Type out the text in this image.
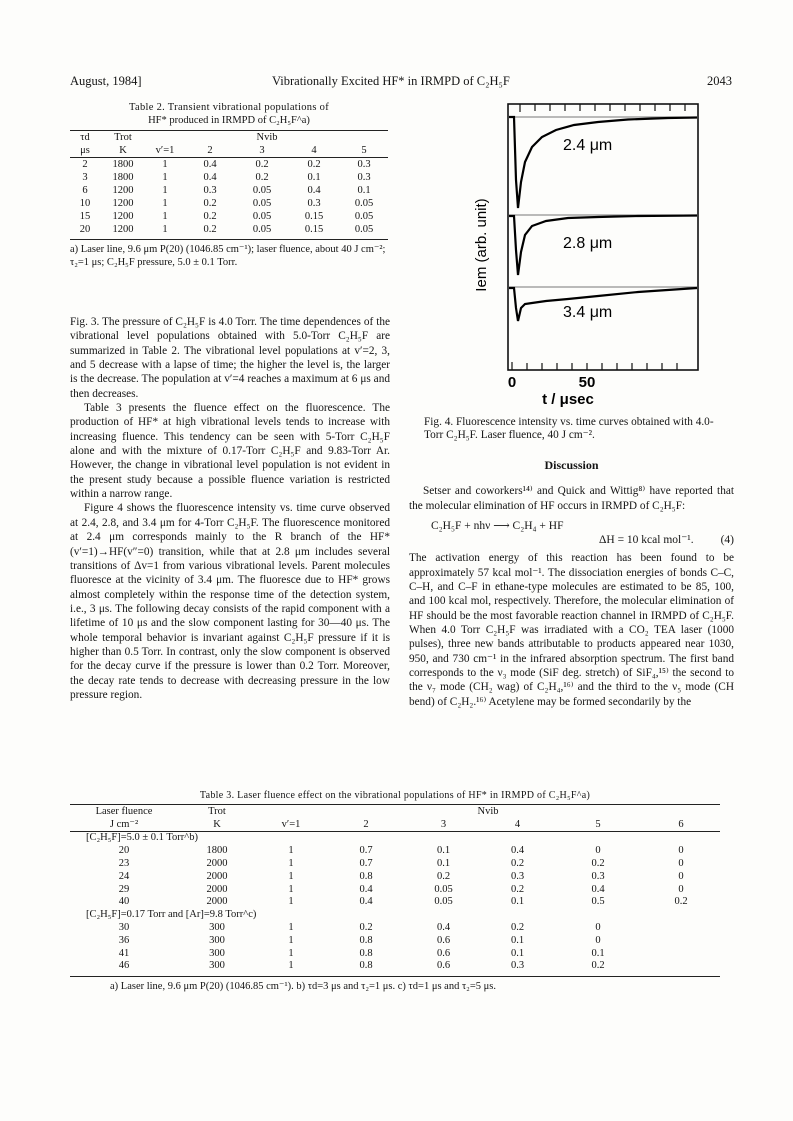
August, 1984]	Vibrationally Excited HF* in IRMPD of C₂H₅F	2043
Table 2. Transient vibrational populations of
HF* produced in IRMPD of C₂H₅F^a)
τd	Trot	Nvib				
μs	K	v′=1	2	3	4	5
2	1800	1	0.4	0.2	0.2	0.3
3	1800	1	0.4	0.2	0.1	0.3
6	1200	1	0.3	0.05	0.4	0.1
10	1200	1	0.2	0.05	0.3	0.05
15	1200	1	0.2	0.05	0.15	0.05
20	1200	1	0.2	0.05	0.15	0.05
a) Laser line, 9.6 μm P(20) (1046.85 cm⁻¹); laser fluence, about 40 J cm⁻²; τ₂=1 μs; C₂H₅F pressure, 5.0 ± 0.1 Torr.

Fig. 3. The pressure of C₂H₅F is 4.0 Torr. The time dependences of the vibrational level populations obtained with 5.0-Torr C₂H₅F are summarized in Table 2. The vibrational level populations at v′=2, 3, and 5 decrease with a lapse of time; the higher the level is, the larger is the decrease. The population at v′=4 reaches a maximum at 6 μs and then decreases.

Table 3 presents the fluence effect on the fluorescence. The production of HF* at high vibrational levels tends to increase with increasing fluence. This tendency can be seen with 5-Torr C₂H₅F alone and with the mixture of 0.17-Torr C₂H₅F and 9.83-Torr Ar. However, the change in vibrational level population is not evident in the present study because a possible fluence variation is restricted within a narrow range.

Figure 4 shows the fluorescence intensity vs. time curve observed at 2.4, 2.8, and 3.4 μm for 4-Torr C₂H₅F. The fluorescence monitored at 2.4 μm corresponds mainly to the R branch of the HF*(v′=1)→HF(v″=0) transition, while that at 2.8 μm includes several transitions of Δv=1 from various vibrational levels. Parent molecules fluoresce at the vicinity of 3.4 μm. The fluoresce due to HF* grows almost completely within the response time of the detection system, i.e., 3 μs. The following decay consists of the rapid component with a lifetime of 10 μs and the slow component lasting for 30—40 μs. The whole temporal behavior is invariant against C₂H₅F pressure if it is higher than 0.5 Torr. In contrast, only the slow component is observed for the decay curve if the pressure is lower than 0.2 Torr. Moreover, the decay rate tends to decrease with decreasing pressure in the low pressure region.

2.4 μm
2.8 μm
3.4 μm
Iem (arb. unit)
0	50
t / μsec
Fig. 4. Fluorescence intensity vs. time curves obtained with 4.0-Torr C₂H₅F. Laser fluence, 40 J cm⁻².
Discussion

Setser and coworkers¹⁴⁾ and Quick and Wittig⁸⁾ have reported that the molecular elimination of HF occurs in IRMPD of C₂H₅F:

C₂H₅F + nhν ⟶ C₂H₄ + HF
ΔH = 10 kcal mol⁻¹. (4)

The activation energy of this reaction has been found to be approximately 57 kcal mol⁻¹. The dissociation energies of bonds C–C, C–H, and C–F in ethane-type molecules are estimated to be 85, 100, and 100 kcal mol, respectively. Therefore, the molecular elimination of HF should be the most favorable reaction channel in IRMPD of C₂H₅F. When 4.0 Torr C₂H₅F was irradiated with a CO₂ TEA laser (1000 pulses), three new bands attributable to products appeared near 1030, 950, and 730 cm⁻¹ in the infrared absorption spectrum. The first band corresponds to the ν₃ mode (SiF deg. stretch) of SiF₄,¹⁵⁾ the second to the ν₇ mode (CH₂ wag) of C₂H₄,¹⁶⁾ and the third to the ν₅ mode (CH bend) of C₂H₂.¹⁶⁾ Acetylene may be formed secondarily by the

Table 3. Laser fluence effect on the vibrational populations of HF* in IRMPD of C₂H₅F^a)
Laser fluence	Trot	Nvib					
J cm⁻²	K	v′=1	2	3	4	5	6
[C₂H₅F]=5.0 ± 0.1 Torr^b)							
20	1800	1	0.7	0.1	0.4	0	0
23	2000	1	0.7	0.1	0.2	0.2	0
24	2000	1	0.8	0.2	0.3	0.3	0
29	2000	1	0.4	0.05	0.2	0.4	0
40	2000	1	0.4	0.05	0.1	0.5	0.2
[C₂H₅F]=0.17 Torr and [Ar]=9.8 Torr^c)							
30	300	1	0.2	0.4	0.2	0	
36	300	1	0.8	0.6	0.1	0	
41	300	1	0.8	0.6	0.1	0.1	
46	300	1	0.8	0.6	0.3	0.2	
a) Laser line, 9.6 μm P(20) (1046.85 cm⁻¹). b) τd=3 μs and τ₂=1 μs. c) τd=1 μs and τ₂=5 μs.
